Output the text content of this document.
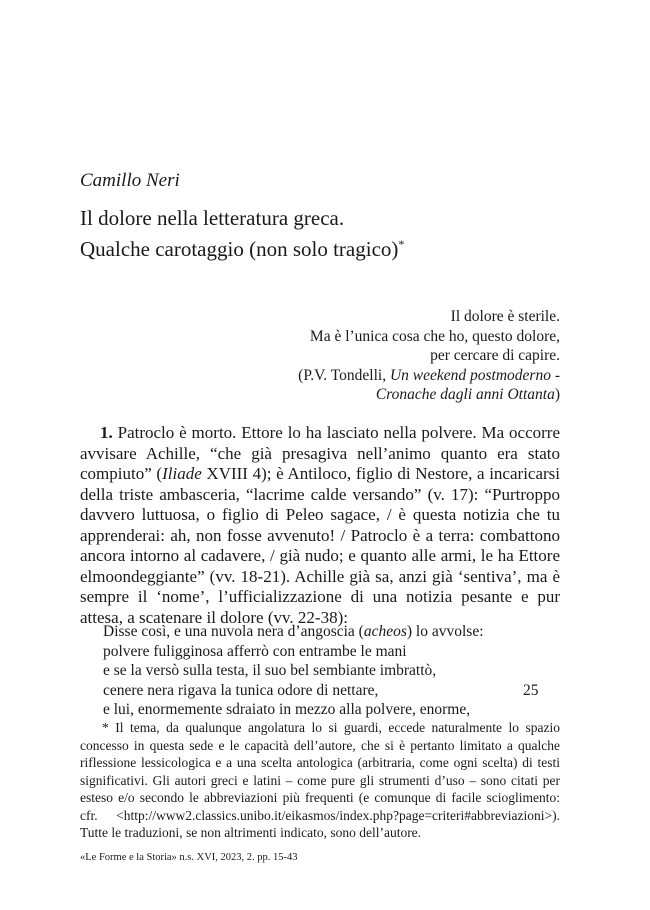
Camillo Neri
Il dolore nella letteratura greca.
Qualche carotaggio (non solo tragico)*
Il dolore è sterile.
Ma è l’unica cosa che ho, questo dolore,
per cercare di capire.
(P.V. Tondelli, Un weekend postmoderno -
Cronache dagli anni Ottanta)

1. Patroclo è morto. Ettore lo ha lasciato nella polvere. Ma occorre avvisare Achille, “che già presagiva nell’animo quanto era stato compiuto” (Iliade XVIII 4); è Antiloco, figlio di Nestore, a incaricarsi della triste ambasceria, “lacrime calde versando” (v. 17): “Purtroppo davvero luttuosa, o figlio di Peleo sagace, / è questa notizia che tu apprenderai: ah, non fosse avvenuto! / Patroclo è a terra: combattono ancora intorno al cadavere, / già nudo; e quanto alle armi, le ha Ettore elmoondeggiante” (vv. 18-21). Achille già sa, anzi già ‘sentiva’, ma è sempre il ‘nome’, l’ufficializzazione di una notizia pesante e pur attesa, a scatenare il dolore (vv. 22-38):

Disse così, e una nuvola nera d’angoscia (acheos) lo avvolse:
polvere fuligginosa afferrò con entrambe le mani
e se la versò sulla testa, il suo bel sembiante imbrattò,
cenere nera rigava la tunica odore di nettare,	25
e lui, enormemente sdraiato in mezzo alla polvere, enorme,

* Il tema, da qualunque angolatura lo si guardi, eccede naturalmente lo spazio concesso in questa sede e le capacità dell’autore, che si è pertanto limitato a qualche riflessione lessicologica e a una scelta antologica (arbitraria, come ogni scelta) di testi significativi. Gli autori greci e latini – come pure gli strumenti d’uso – sono citati per esteso e/o secondo le abbreviazioni più frequenti (e comunque di facile scioglimento: cfr. <http://www2.classics.unibo.it/eikasmos/index.php?page=criteri#abbreviazioni>). Tutte le traduzioni, se non altrimenti indicato, sono dell’autore.

«Le Forme e la Storia» n.s. XVI, 2023, 2. pp. 15-43
